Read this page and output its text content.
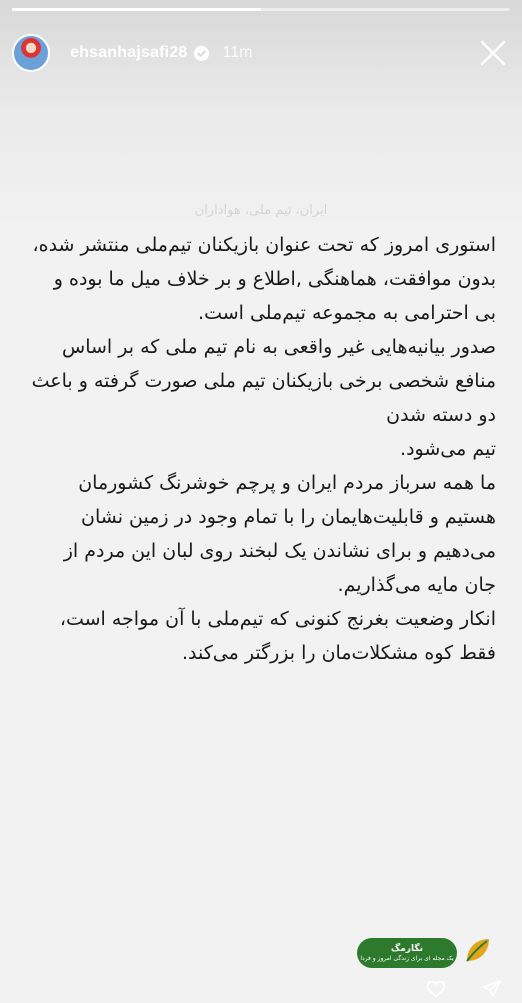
ehsanhajsafi28 11m
ایران، تیم ملی، هواداران

استوری امروز که تحت عنوان بازیکنان تیم‌ملی منتشر شده، بدون موافقت، هماهنگی ,اطلاع و بر خلاف میل ما بوده و بی احترامی به مجموعه تیم‌ملی است.

صدور بیانیه‌هایی غیر واقعی به نام تیم ملی که بر اساس منافع شخصی برخی بازیکنان تیم ملی صورت گرفته و باعث دو دسته شدن

تیم می‌شود.

ما همه سرباز مردم ایران و پرچم خوشرنگ کشورمان هستیم و قابلیت‌هایمان را با تمام وجود در زمین نشان می‌دهیم و برای نشاندن یک لبخند روی لبان این مردم از جان مایه می‌گذاریم.

انکار وضعیت بغرنج کنونی که تیم‌ملی با آن مواجه است، فقط کوه مشکلات‌مان را بزرگتر می‌کند.

نگارمگ
یک مجله ای برای زندگی امروز و فردا
